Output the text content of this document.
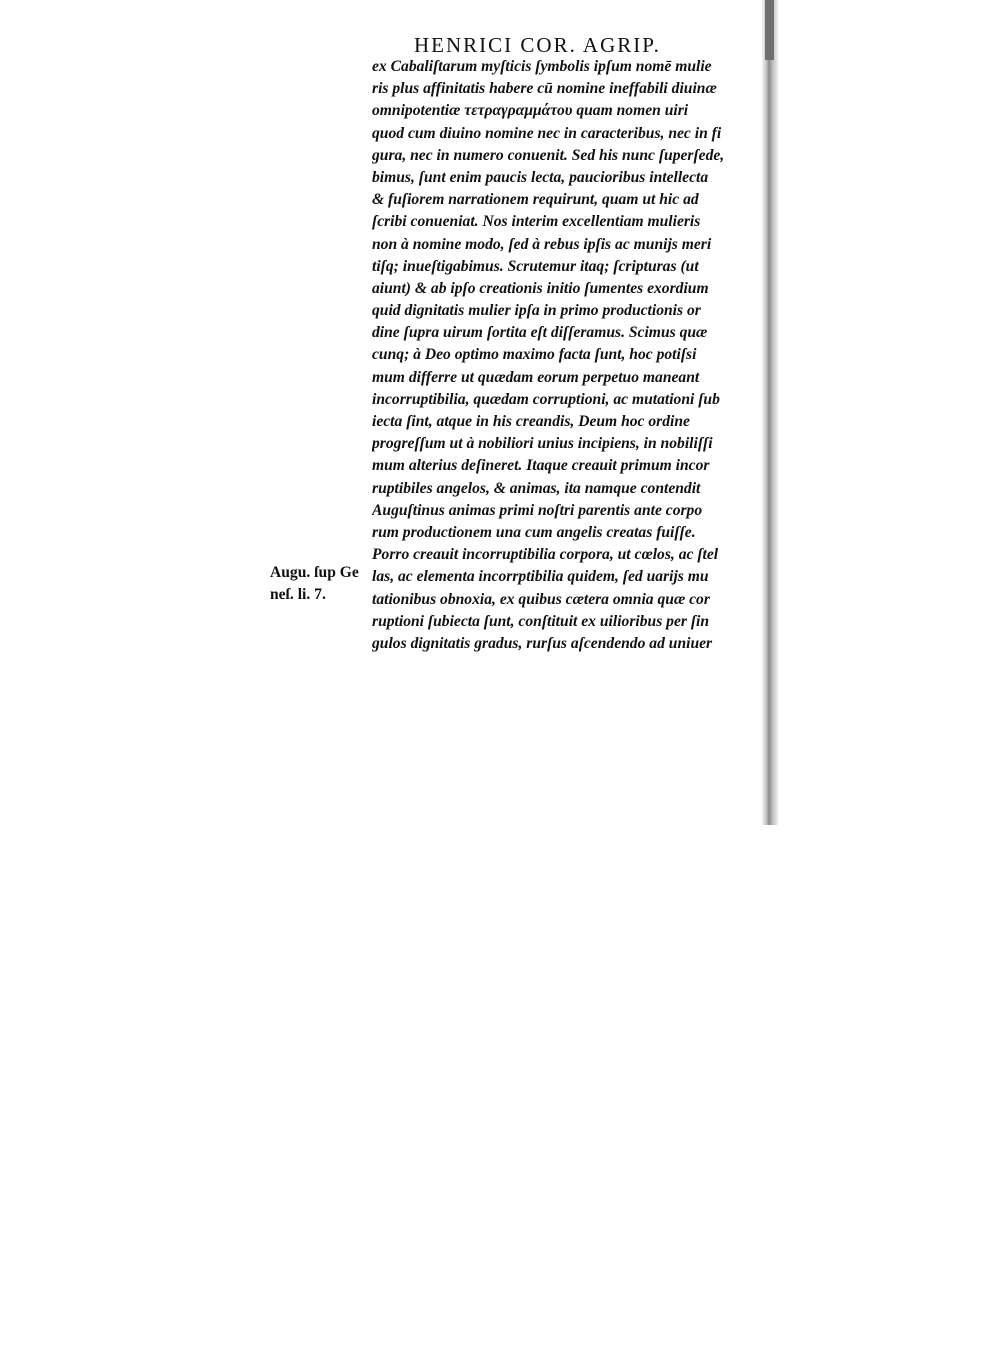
HENRICI COR. AGRIP.
ex Cabaliſtarum myſticis ſymbolis ipſum nomē mulie
ris plus affinitatis habere cū nomine ineffabili diuinæ
omnipotentiæ τετραγραμμάτου quam nomen uiri
quod cum diuino nomine nec in caracteribus, nec in fi
gura, nec in numero conuenit. Sed his nunc ſuperſede,
bimus, ſunt enim paucis lecta, paucioribus intellecta
& fuſiorem narrationem requirunt, quam ut hic ad
ſcribi conueniat. Nos interim excellentiam mulieris
non à nomine modo, ſed à rebus ipſis ac munijs meri
tiſq; inueſtigabimus. Scrutemur itaq; ſcripturas (ut
aiunt) & ab ipſo creationis initio ſumentes exordium
quid dignitatis mulier ipſa in primo productionis or
dine ſupra uirum ſortita eſt diſſeramus. Scimus quæ
cunq; à Deo optimo maximo facta ſunt, hoc potiſsi
mum differre ut quædam eorum perpetuo maneant
incorruptibilia, quædam corruptioni, ac mutationi ſub
iecta ſint, atque in his creandis, Deum hoc ordine
progreſſum ut à nobiliori unius incipiens, in nobiliſſi
mum alterius deſineret. Itaque creauit primum incor
ruptibiles angelos, & animas, ita namque contendit
Auguſtinus animas primi noſtri parentis ante corpo
rum productionem una cum angelis creatas fuiſſe.
Porro creauit incorruptibilia corpora, ut cœlos, ac ſtel
las, ac elementa incorrptibilia quidem, ſed uarijs mu
tationibus obnoxia, ex quibus cætera omnia quæ cor
ruptioni ſubiecta ſunt, conſtituit ex uilioribus per ſin
gulos dignitatis gradus, rurſus aſcendendo ad uniuer
Augu. ſup Ge
neſ. li. 7.
